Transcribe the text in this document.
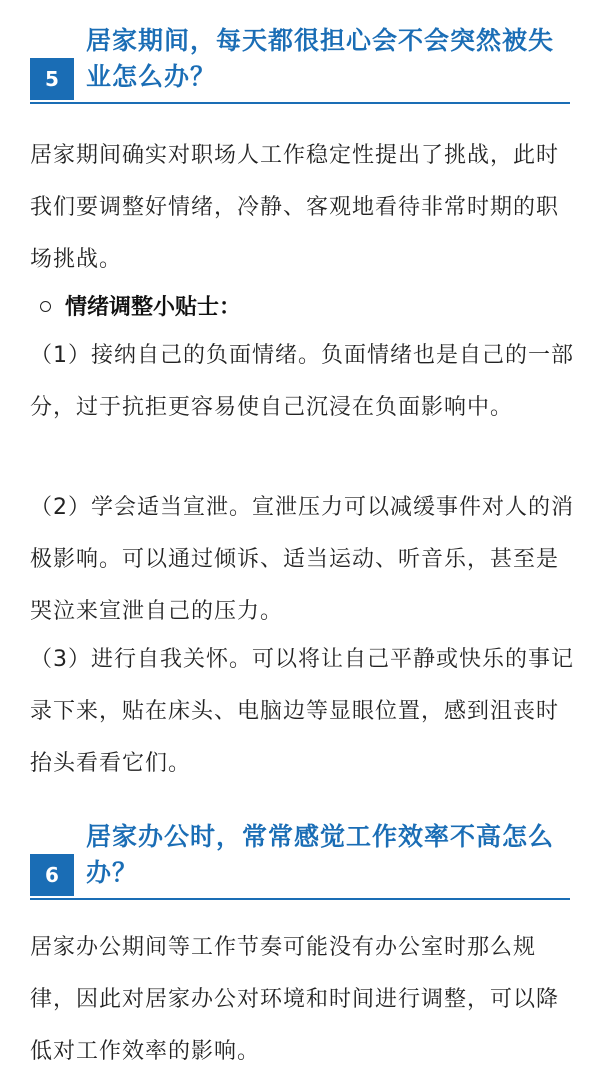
5
居家期间，每天都很担心会不会突然被失业怎么办？
居家期间确实对职场人工作稳定性提出了挑战，此时我们要调整好情绪，冷静、客观地看待非常时期的职场挑战。
情绪调整小贴士：
（1）接纳自己的负面情绪。负面情绪也是自己的一部分，过于抗拒更容易使自己沉浸在负面影响中。
（2）学会适当宣泄。宣泄压力可以减缓事件对人的消极影响。可以通过倾诉、适当运动、听音乐，甚至是哭泣来宣泄自己的压力。
（3）进行自我关怀。可以将让自己平静或快乐的事记录下来，贴在床头、电脑边等显眼位置，感到沮丧时抬头看看它们。
6
居家办公时，常常感觉工作效率不高怎么办？
居家办公期间等工作节奏可能没有办公室时那么规律，因此对居家办公对环境和时间进行调整，可以降低对工作效率的影响。
